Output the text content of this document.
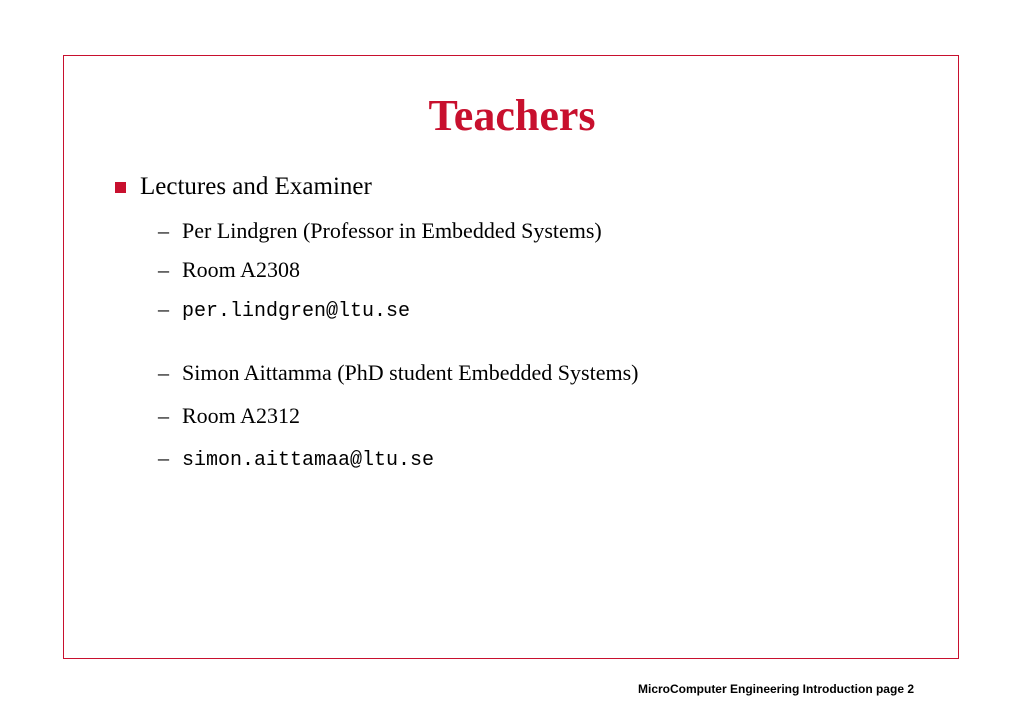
Teachers
Lectures and Examiner
– Per Lindgren (Professor in Embedded Systems)
– Room A2308
– per.lindgren@ltu.se
– Simon Aittamma (PhD student Embedded Systems)
– Room A2312
– simon.aittamaa@ltu.se
MicroComputer Engineering Introduction page 2
